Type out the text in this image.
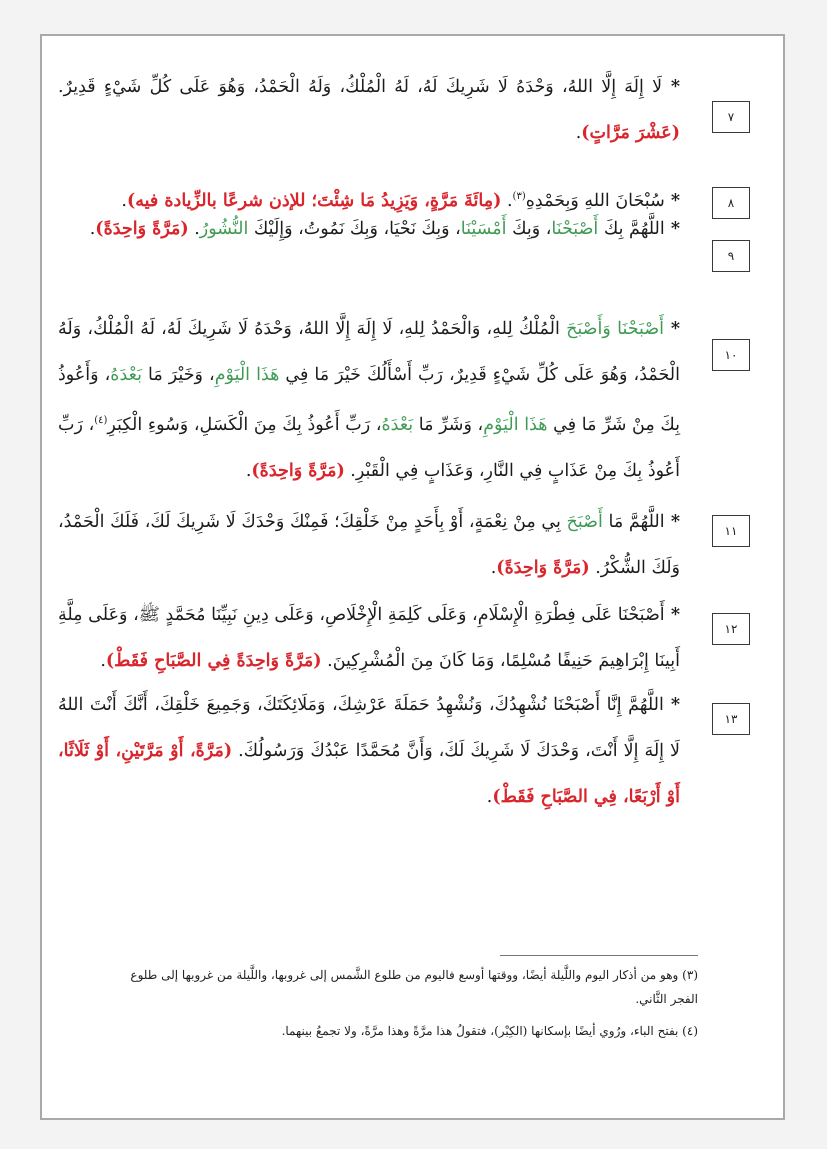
* لَا إِلَهَ إِلَّا اللهُ، وَحْدَهُ لَا شَرِيكَ لَهُ، لَهُ الْمُلْكُ، وَلَهُ الْحَمْدُ، وَهُوَ عَلَى كُلِّ شَيْءٍ قَدِيرٌ. (عَشْرَ مَرَّاتٍ).
* سُبْحَانَ اللهِ وَبِحَمْدِهِ$^{(٣)}$. (مِائَةَ مَرَّةٍ، وَيَزِيدُ مَا شِئْتَ؛ للإذن شرعًا بالزِّيادة فيه).
* اللَّهُمَّ بِكَ أَصْبَحْنَا، وَبِكَ أَمْسَيْنَا، وَبِكَ نَحْيَا، وَبِكَ نَمُوتُ، وَإِلَيْكَ النُّشُورُ. (مَرَّةً وَاحِدَةً).
* أَصْبَحْنَا وَأَصْبَحَ الْمُلْكُ لِلهِ، وَالْحَمْدُ لِلهِ، لَا إِلَهَ إِلَّا اللهُ، وَحْدَهُ لَا شَرِيكَ لَهُ، لَهُ الْمُلْكُ، وَلَهُ الْحَمْدُ، وَهُوَ عَلَى كُلِّ شَيْءٍ قَدِيرٌ، رَبِّ أَسْأَلُكَ خَيْرَ مَا فِي هَذَا الْيَوْمِ، وَخَيْرَ مَا بَعْدَهُ، وَأَعُوذُ بِكَ مِنْ شَرِّ مَا فِي هَذَا الْيَوْمِ، وَشَرِّ مَا بَعْدَهُ، رَبِّ أَعُوذُ بِكَ مِنَ الْكَسَلِ، وَسُوءِ الْكِبَرِ$^{(٤)}$، رَبِّ أَعُوذُ بِكَ مِنْ عَذَابٍ فِي النَّارِ، وَعَذَابٍ فِي الْقَبْرِ. (مَرَّةً وَاحِدَةً).
* اللَّهُمَّ مَا أَصْبَحَ بِي مِنْ نِعْمَةٍ، أَوْ بِأَحَدٍ مِنْ خَلْقِكَ؛ فَمِنْكَ وَحْدَكَ لَا شَرِيكَ لَكَ، فَلَكَ الْحَمْدُ، وَلَكَ الشُّكْرُ. (مَرَّةً وَاحِدَةً).
* أَصْبَحْنَا عَلَى فِطْرَةِ الْإِسْلَامِ، وَعَلَى كَلِمَةِ الْإِخْلَاصِ، وَعَلَى دِينِ نَبِيِّنَا مُحَمَّدٍ ﷺ، وَعَلَى مِلَّةِ أَبِينَا إِبْرَاهِيمَ حَنِيفًا مُسْلِمًا، وَمَا كَانَ مِنَ الْمُشْرِكِينَ. (مَرَّةً وَاحِدَةً فِي الصَّبَاحِ فَقَطْ).
* اللَّهُمَّ إِنَّا أَصْبَحْنَا نُشْهِدُكَ، وَنُشْهِدُ حَمَلَةَ عَرْشِكَ، وَمَلَائِكَتَكَ، وَجَمِيعَ خَلْقِكَ، أَنَّكَ أَنْتَ اللهُ لَا إِلَهَ إِلَّا أَنْتَ، وَحْدَكَ لَا شَرِيكَ لَكَ، وَأَنَّ مُحَمَّدًا عَبْدُكَ وَرَسُولُكَ. (مَرَّةً، أَوْ مَرَّتَيْنِ، أَوْ ثَلَاثًا، أَوْ أَرْبَعًا، فِي الصَّبَاحِ فَقَطْ).
٧
٨
٩
١٠
١١
١٢
١٣
(٣) وهو من أذكار اليوم واللَّيلة أيضًا، ووقتها أوسع فاليوم من طلوع الشَّمس إلى غروبها، واللَّيلة من غروبها إلى طلوع الفجر الثَّاني.
(٤) بفتح الباء، ورُوي أيضًا بإسكانها (الكِبْر)، فتقولُ هذا مرَّةً وهذا مرَّةً، ولا تجمعُ بينهما.
